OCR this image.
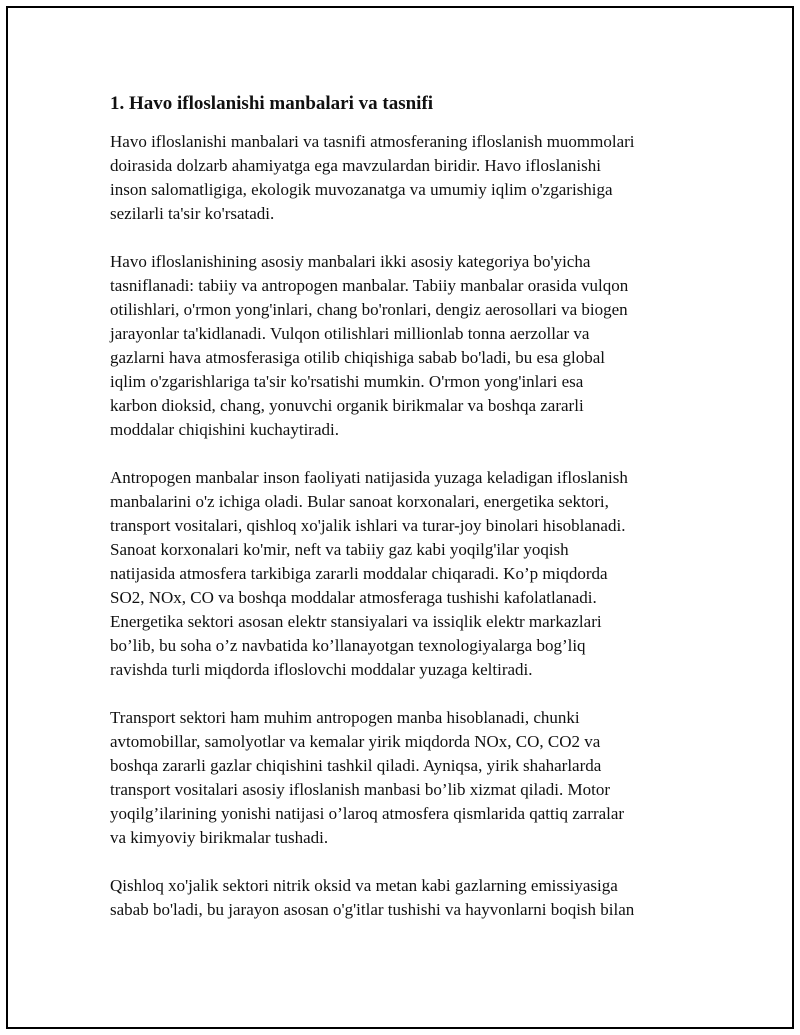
1. Havo ifloslanishi manbalari va tasnifi

Havo ifloslanishi manbalari va tasnifi atmosferaning ifloslanish muommolari
doirasida dolzarb ahamiyatga ega mavzulardan biridir. Havo ifloslanishi
inson salomatligiga, ekologik muvozanatga va umumiy iqlim o'zgarishiga
sezilarli ta'sir ko'rsatadi.

Havo ifloslanishining asosiy manbalari ikki asosiy kategoriya bo'yicha
tasniflanadi: tabiiy va antropogen manbalar. Tabiiy manbalar orasida vulqon
otilishlari, o'rmon yong'inlari, chang bo'ronlari, dengiz aerosollari va biogen
jarayonlar ta'kidlanadi. Vulqon otilishlari millionlab tonna aerzollar va
gazlarni hava atmosferasiga otilib chiqishiga sabab bo'ladi, bu esa global
iqlim o'zgarishlariga ta'sir ko'rsatishi mumkin. O'rmon yong'inlari esa
karbon dioksid, chang, yonuvchi organik birikmalar va boshqa zararli
moddalar chiqishini kuchaytiradi.

Antropogen manbalar inson faoliyati natijasida yuzaga keladigan ifloslanish
manbalarini o'z ichiga oladi. Bular sanoat korxonalari, energetika sektori,
transport vositalari, qishloq xo'jalik ishlari va turar-joy binolari hisoblanadi.
Sanoat korxonalari ko'mir, neft va tabiiy gaz kabi yoqilg'ilar yoqish
natijasida atmosfera tarkibiga zararli moddalar chiqaradi. Ko’p miqdorda
SO2, NOx, CO va boshqa moddalar atmosferaga tushishi kafolatlanadi.
Energetika sektori asosan elektr stansiyalari va issiqlik elektr markazlari
bo’lib, bu soha o’z navbatida ko’llanayotgan texnologiyalarga bog’liq
ravishda turli miqdorda ifloslovchi moddalar yuzaga keltiradi.

Transport sektori ham muhim antropogen manba hisoblanadi, chunki
avtomobillar, samolyotlar va kemalar yirik miqdorda NOx, CO, CO2 va
boshqa zararli gazlar chiqishini tashkil qiladi. Ayniqsa, yirik shaharlarda
transport vositalari asosiy ifloslanish manbasi bo’lib xizmat qiladi. Motor
yoqilg’ilarining yonishi natijasi o’laroq atmosfera qismlarida qattiq zarralar
va kimyoviy birikmalar tushadi.

Qishloq xo'jalik sektori nitrik oksid va metan kabi gazlarning emissiyasiga
sabab bo'ladi, bu jarayon asosan o'g'itlar tushishi va hayvonlarni boqish bilan
